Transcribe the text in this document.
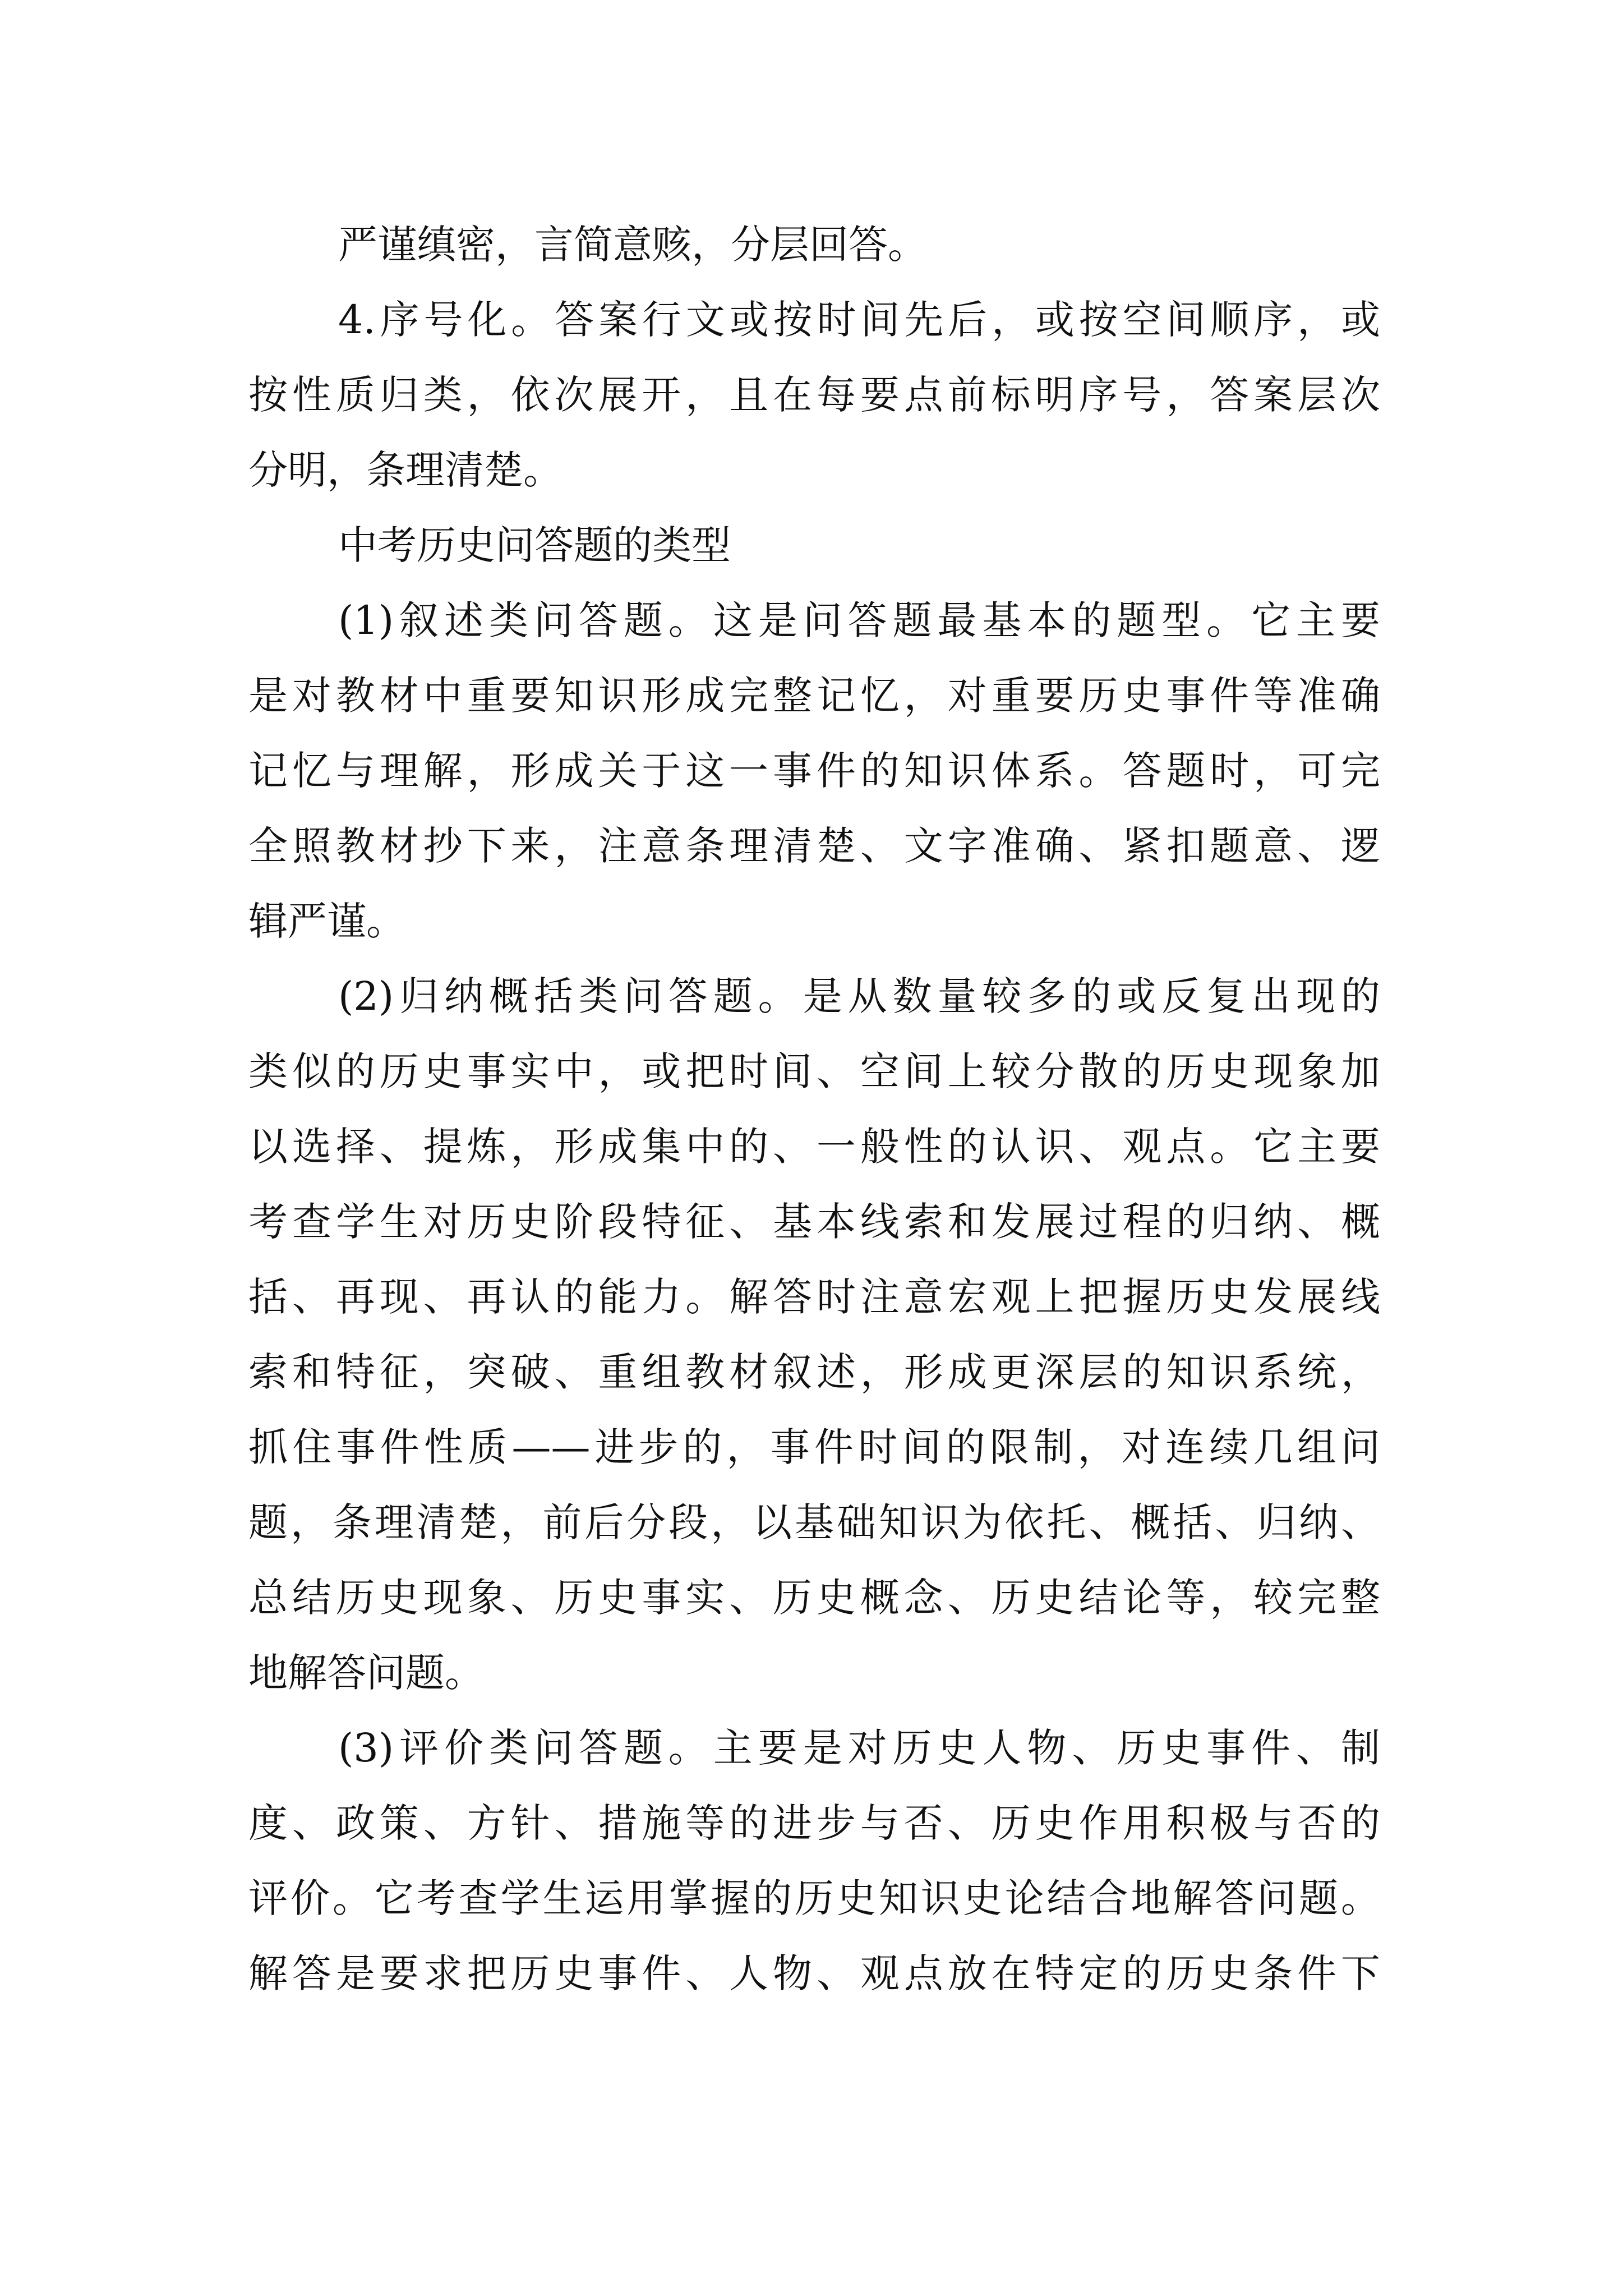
严谨缜密，言简意赅，分层回答。

4.序号化。答案行文或按时间先后，或按空间顺序，或

按性质归类，依次展开，且在每要点前标明序号，答案层次

分明，条理清楚。

中考历史问答题的类型

(1)叙述类问答题。这是问答题最基本的题型。它主要

是对教材中重要知识形成完整记忆，对重要历史事件等准确

记忆与理解，形成关于这一事件的知识体系。答题时，可完

全照教材抄下来，注意条理清楚、文字准确、紧扣题意、逻

辑严谨。

(2)归纳概括类问答题。是从数量较多的或反复出现的

类似的历史事实中，或把时间、空间上较分散的历史现象加

以选择、提炼，形成集中的、一般性的认识、观点。它主要

考查学生对历史阶段特征、基本线索和发展过程的归纳、概

括、再现、再认的能力。解答时注意宏观上把握历史发展线

索和特征，突破、重组教材叙述，形成更深层的知识系统，

抓住事件性质——进步的，事件时间的限制，对连续几组问

题，条理清楚，前后分段，以基础知识为依托、概括、归纳、

总结历史现象、历史事实、历史概念、历史结论等，较完整

地解答问题。

(3)评价类问答题。主要是对历史人物、历史事件、制

度、政策、方针、措施等的进步与否、历史作用积极与否的

评价。它考查学生运用掌握的历史知识史论结合地解答问题。

解答是要求把历史事件、人物、观点放在特定的历史条件下
